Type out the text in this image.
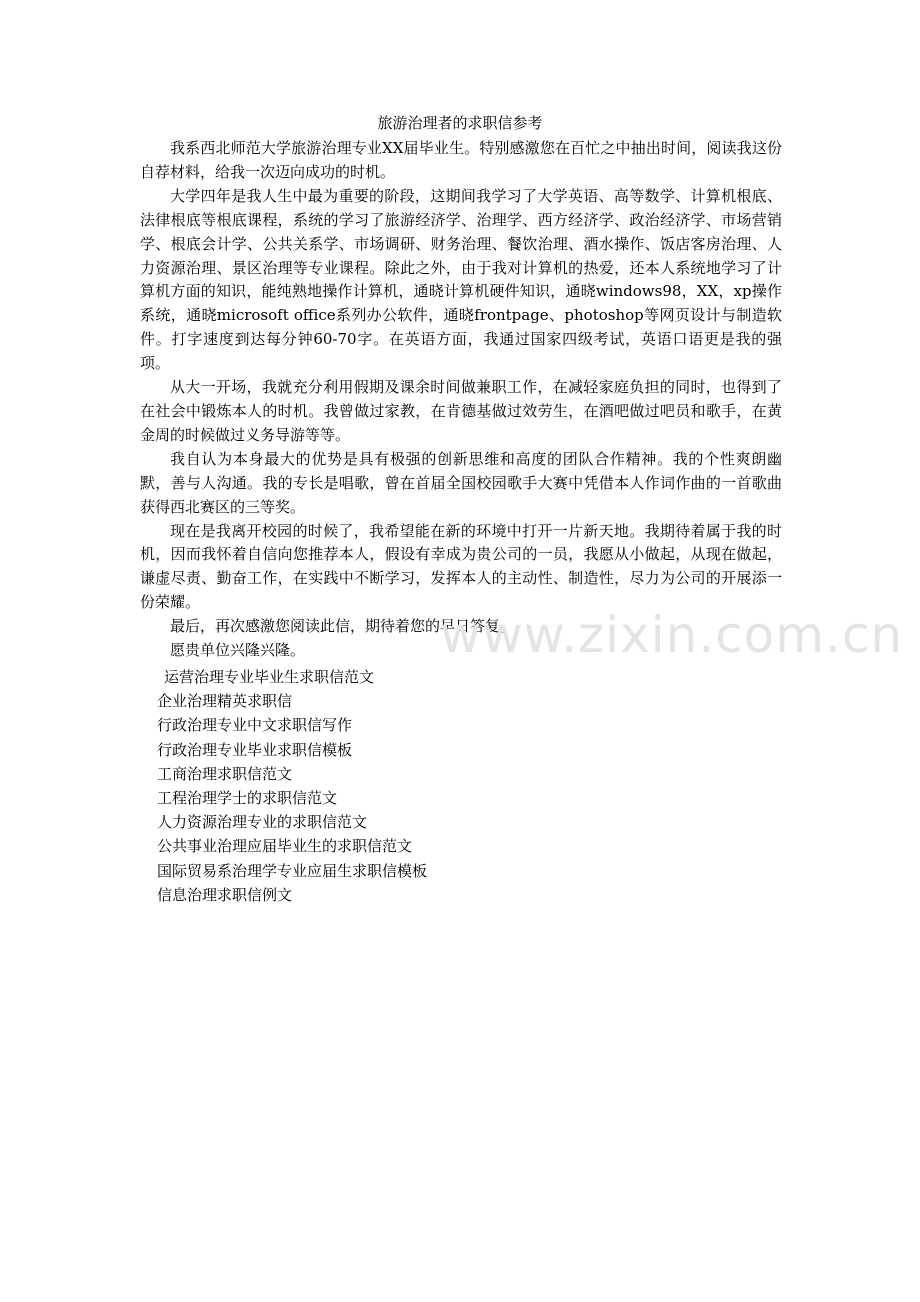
旅游治理者的求职信参考

我系西北师范大学旅游治理专业XX届毕业生。特别感激您在百忙之中抽出时间，阅读我这份自荐材料，给我一次迈向成功的时机。

大学四年是我人生中最为重要的阶段，这期间我学习了大学英语、高等数学、计算机根底、法律根底等根底课程，系统的学习了旅游经济学、治理学、西方经济学、政治经济学、市场营销学、根底会计学、公共关系学、市场调研、财务治理、餐饮治理、酒水操作、饭店客房治理、人力资源治理、景区治理等专业课程。除此之外，由于我对计算机的热爱，还本人系统地学习了计算机方面的知识，能纯熟地操作计算机，通晓计算机硬件知识，通晓windows98，XX，xp操作系统，通晓microsoft office系列办公软件，通晓frontpage、photoshop等网页设计与制造软件。打字速度到达每分钟60-70字。在英语方面，我通过国家四级考试，英语口语更是我的强项。

从大一开场，我就充分利用假期及课余时间做兼职工作，在减轻家庭负担的同时，也得到了在社会中锻炼本人的时机。我曾做过家教，在肯德基做过效劳生，在酒吧做过吧员和歌手，在黄金周的时候做过义务导游等等。

我自认为本身最大的优势是具有极强的创新思维和高度的团队合作精神。我的个性爽朗幽默，善与人沟通。我的专长是唱歌，曾在首届全国校园歌手大赛中凭借本人作词作曲的一首歌曲获得西北赛区的三等奖。

现在是我离开校园的时候了，我希望能在新的环境中打开一片新天地。我期待着属于我的时机，因而我怀着自信向您推荐本人，假设有幸成为贵公司的一员，我愿从小做起，从现在做起，谦虚尽责、勤奋工作，在实践中不断学习，发挥本人的主动性、制造性，尽力为公司的开展添一份荣耀。

最后，再次感激您阅读此信，期待着您的早日答复。

愿贵单位兴隆兴隆。

运营治理专业毕业生求职信范文
企业治理精英求职信
行政治理专业中文求职信写作
行政治理专业毕业求职信模板
工商治理求职信范文
工程治理学士的求职信范文
人力资源治理专业的求职信范文
公共事业治理应届毕业生的求职信范文
国际贸易系治理学专业应届生求职信模板
信息治理求职信例文
www.zixin.com.cn
